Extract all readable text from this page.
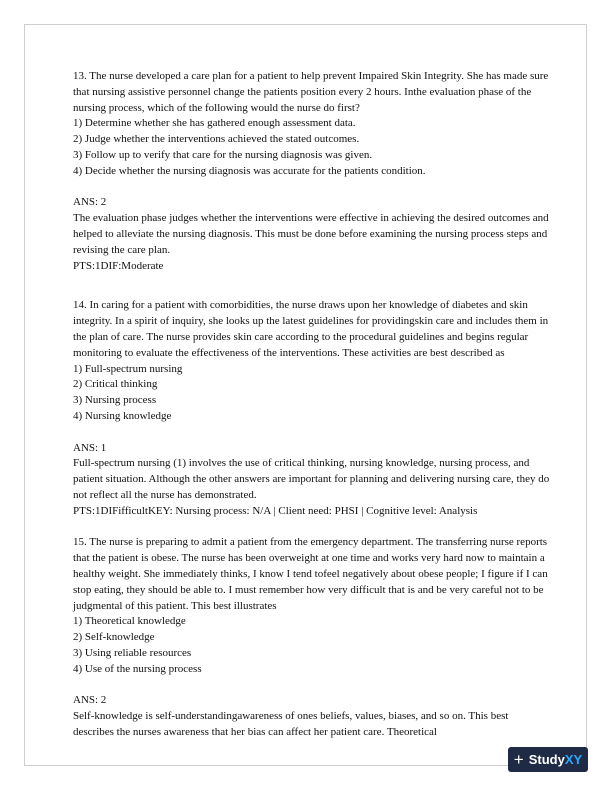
13. The nurse developed a care plan for a patient to help prevent Impaired Skin Integrity. She has made sure that nursing assistive personnel change the patients position every 2 hours. Inthe evaluation phase of the nursing process, which of the following would the nurse do first?

1) Determine whether she has gathered enough assessment data.

2) Judge whether the interventions achieved the stated outcomes.

3) Follow up to verify that care for the nursing diagnosis was given.

4) Decide whether the nursing diagnosis was accurate for the patients condition.

ANS: 2

The evaluation phase judges whether the interventions were effective in achieving the desired outcomes and helped to alleviate the nursing diagnosis. This must be done before examining the nursing process steps and revising the care plan.

PTS:1DIF:Moderate

14. In caring for a patient with comorbidities, the nurse draws upon her knowledge of diabetes and skin integrity. In a spirit of inquiry, she looks up the latest guidelines for providingskin care and includes them in the plan of care. The nurse provides skin care according to the procedural guidelines and begins regular monitoring to evaluate the effectiveness of the interventions. These activities are best described as

1) Full-spectrum nursing

2) Critical thinking

3) Nursing process

4) Nursing knowledge

ANS: 1

Full-spectrum nursing (1) involves the use of critical thinking, nursing knowledge, nursing process, and patient situation. Although the other answers are important for planning and delivering nursing care, they do not reflect all the nurse has demonstrated.

PTS:1DIFifficultKEY: Nursing process: N/A | Client need: PHSI | Cognitive level: Analysis

15. The nurse is preparing to admit a patient from the emergency department. The transferring nurse reports that the patient is obese. The nurse has been overweight at one time and works very hard now to maintain a healthy weight. She immediately thinks, I know I tend tofeel negatively about obese people; I figure if I can stop eating, they should be able to. I must remember how very difficult that is and be very careful not to be judgmental of this patient. This best illustrates

1) Theoretical knowledge

2) Self-knowledge

3) Using reliable resources

4) Use of the nursing process

ANS: 2

Self-knowledge is self-understandingawareness of ones beliefs, values, biases, and so on. This best describes the nurses awareness that her bias can affect her patient care. Theoretical

+ StudyXY
